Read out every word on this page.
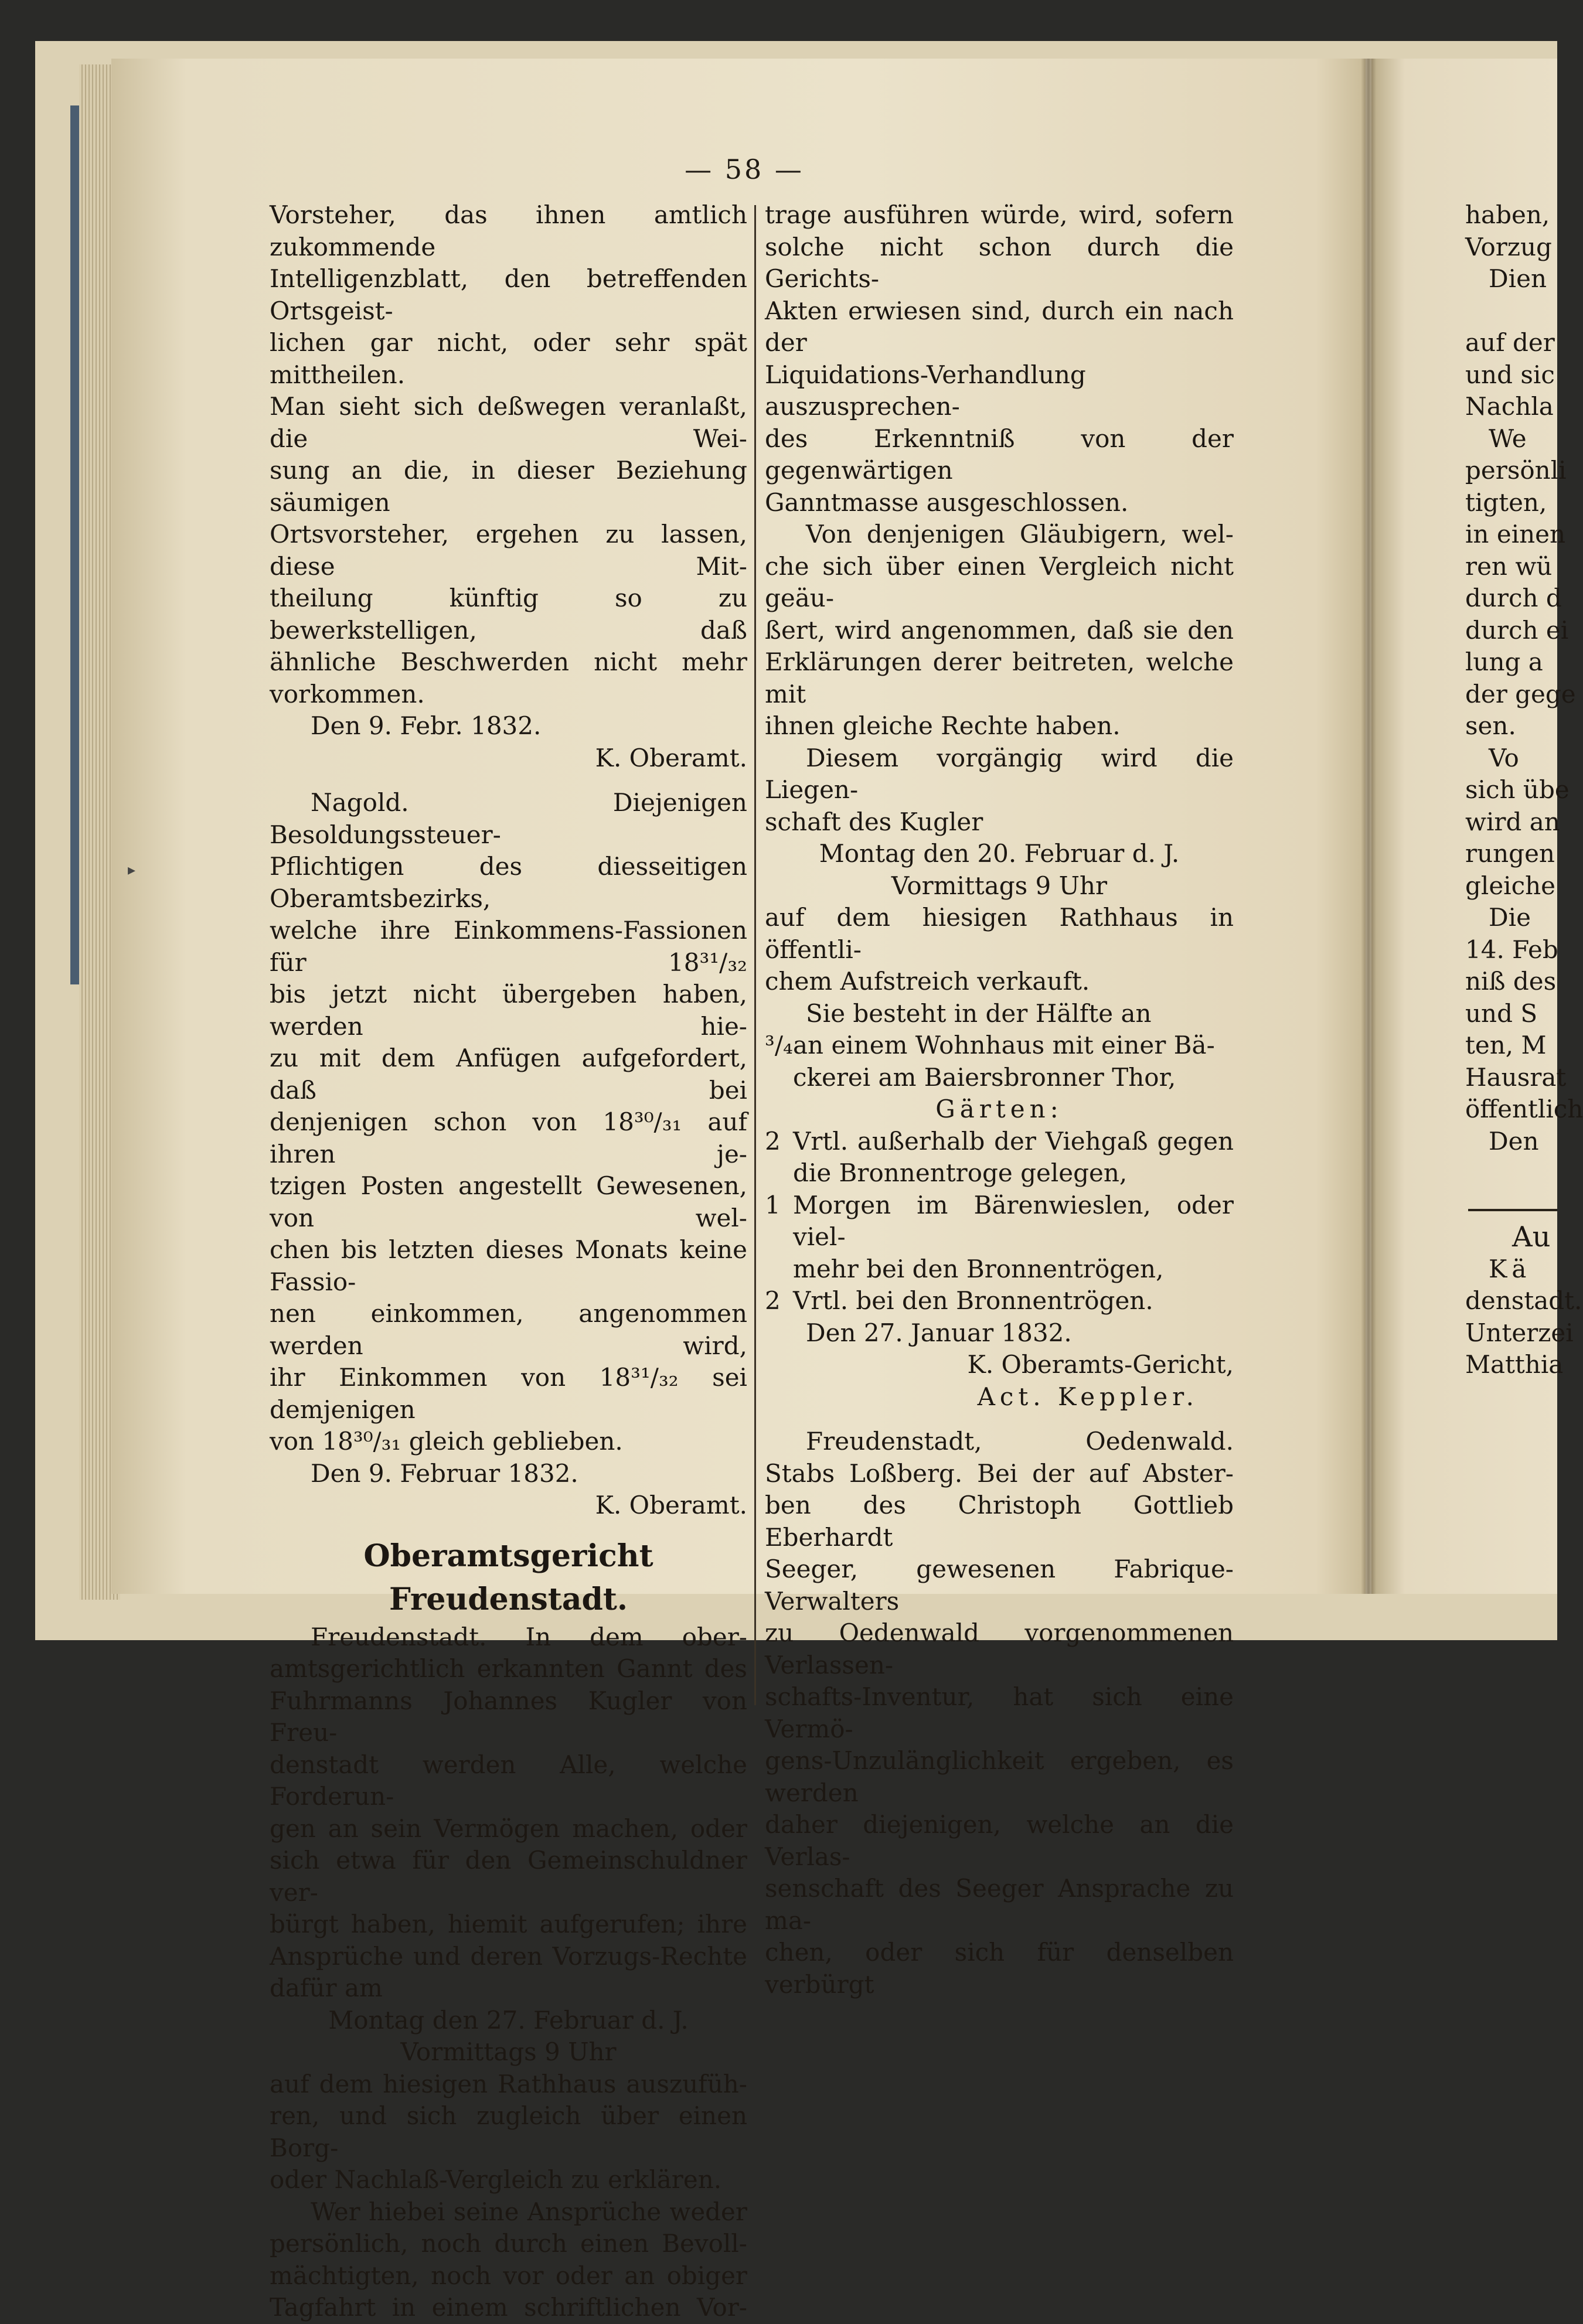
— 58 —
▸

Vorsteher, das ihnen amtlich zukommende

Intelligenzblatt, den betreffenden Ortsgeist-

lichen gar nicht, oder sehr spät mittheilen.

Man sieht sich deßwegen veranlaßt, die Wei-

sung an die, in dieser Beziehung säumigen

Ortsvorsteher, ergehen zu lassen, diese Mit-

theilung künftig so zu bewerkstelligen, daß

ähnliche Beschwerden nicht mehr vorkommen.

Den 9. Febr. 1832.

K. Oberamt.

Nagold. Diejenigen Besoldungssteuer-

Pflichtigen des diesseitigen Oberamtsbezirks,

welche ihre Einkommens-Fassionen für 18³¹/₃₂

bis jetzt nicht übergeben haben, werden hie-

zu mit dem Anfügen aufgefordert, daß bei

denjenigen schon von 18³⁰/₃₁ auf ihren je-

tzigen Posten angestellt Gewesenen, von wel-

chen bis letzten dieses Monats keine Fassio-

nen einkommen, angenommen werden wird,

ihr Einkommen von 18³¹/₃₂ sei demjenigen

von 18³⁰/₃₁ gleich geblieben.

Den 9. Februar 1832.

K. Oberamt.

Oberamtsgericht Freudenstadt.

Freudenstadt. In dem ober-

amtsgerichtlich erkannten Gannt des

Fuhrmanns Johannes Kugler von Freu-

denstadt werden Alle, welche Forderun-

gen an sein Vermögen machen, oder

sich etwa für den Gemeinschuldner ver-

bürgt haben, hiemit aufgerufen; ihre

Ansprüche und deren Vorzugs-Rechte

dafür am

Montag den 27. Februar d. J.

Vormittags 9 Uhr

auf dem hiesigen Rathhaus auszufüh-

ren, und sich zugleich über einen Borg-

oder Nachlaß-Vergleich zu erklären.

Wer hiebei seine Ansprüche weder

persönlich, noch durch einen Bevoll-

mächtigten, noch vor oder an obiger

Tagfahrt in einem schriftlichen Vor-

trage ausführen würde, wird, sofern

solche nicht schon durch die Gerichts-

Akten erwiesen sind, durch ein nach der

Liquidations-Verhandlung auszusprechen-

des Erkenntniß von der gegenwärtigen

Ganntmasse ausgeschlossen.

Von denjenigen Gläubigern, wel-

che sich über einen Vergleich nicht geäu-

ßert, wird angenommen, daß sie den

Erklärungen derer beitreten, welche mit

ihnen gleiche Rechte haben.

Diesem vorgängig wird die Liegen-

schaft des Kugler

Montag den 20. Februar d. J.

Vormittags 9 Uhr

auf dem hiesigen Rathhaus in öffentli-

chem Aufstreich verkauft.

Sie besteht in der Hälfte an

³/₄ an einem Wohnhaus mit einer Bä-
ckerei am Baiersbronner Thor,

Gärten:

2 Vrtl. außerhalb der Viehgaß gegen
die Bronnentroge gelegen,
1 Morgen im Bärenwieslen, oder viel-
mehr bei den Bronnentrögen,
2 Vrtl. bei den Bronnentrögen.

Den 27. Januar 1832.

K. Oberamts-Gericht,

Act. Keppler.

Freudenstadt, Oedenwald.

Stabs Loßberg. Bei der auf Abster-

ben des Christoph Gottlieb Eberhardt

Seeger, gewesenen Fabrique-Verwalters

zu Oedenwald vorgenommenen Verlassen-

schafts-Inventur, hat sich eine Vermö-

gens-Unzulänglichkeit ergeben, es werden

daher diejenigen, welche an die Verlas-

senschaft des Seeger Ansprache zu ma-

chen, oder sich für denselben verbürgt

haben,
Vorzug
Dien

auf der
und sic
Nachla
We
persönli
tigten,
in einen
ren wü
durch d
durch ei
lung a
der gege
sen.
Vo
sich übe
wird an
rungen
gleiche
Die
14. Feb
niß des
und S
ten, M
Hausrat
öffentlich
Den

Au
Kä
denstadt.
Unterzei
Matthia
